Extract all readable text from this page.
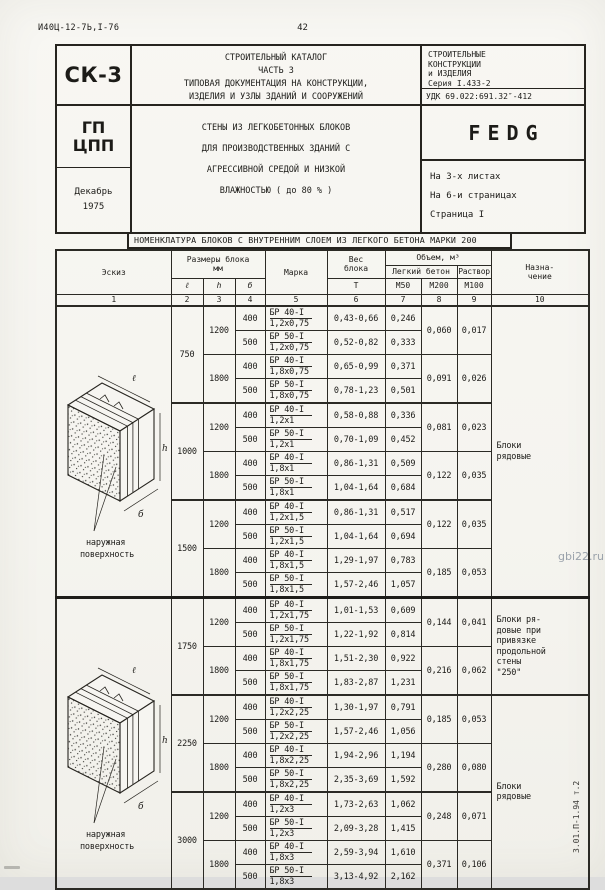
И40Ц-12-7Ь,I-76	42
СК-3
СТРОИТЕЛЬНЫЙ КАТАЛОГ
ЧАСТЬ 3
ТИПОВАЯ ДОКУМЕНТАЦИЯ НА КОНСТРУКЦИИ,
ИЗДЕЛИЯ И УЗЛЫ ЗДАНИЙ И СООРУЖЕНИЙ
СТРОИТЕЛЬНЫЕ
КОНСТРУКЦИИ
и ИЗДЕЛИЯ
Серия I.433-2
УДК 69.022:691.32″-412
ГП
ЦПП
Декабрь
1975
СТЕНЫ ИЗ ЛЕГКОБЕТОННЫХ БЛОКОВ
ДЛЯ ПРОИЗВОДСТВЕННЫХ ЗДАНИЙ С
АГРЕССИВНОЙ СРЕДОЙ И НИЗКОЙ
ВЛАЖНОСТЬЮ ( до 80 % )
FEDG
На 3-х листах
На 6-и страницах
Страница I
НОМЕНКЛАТУРА БЛОКОВ С ВНУТРЕННИМ СЛОЕМ ИЗ ЛЕГКОГО БЕТОНА МАРКИ 200
Эскиз	
Размеры блока
мм	Марка	
Вес
блока
	Объем, м³	
Назна-
чение

						Легкий бетон		Раствор	
	ℓ	h	б		Т	М50	М200	М100	
1	2	3	4	5	6	7	8	9	10

ℓ
h
б
наружная
поверхность	750	1200	400	БР 40-I
1,2х0,75	0,43-0,66	0,246	0,060	0,017	Блоки
рядовые
			500	БР 50-I
1,2х0,75	0,52-0,82	0,333			
		1800	400	БР 40-I
1,8х0,75	0,65-0,99	0,371	0,091	0,026	
			500	БР 50-I
1,8х0,75	0,78-1,23	0,501			
	1000	1200	400	БР 40-I
1,2х1	0,58-0,88	0,336	0,081	0,023	
			500	БР 50-I
1,2х1	0,70-1,09	0,452			
		1800	400	БР 40-I
1,8х1	0,86-1,31	0,509	0,122	0,035	
			500	БР 50-I
1,8х1	1,04-1,64	0,684			
	1500	1200	400	БР 40-I
1,2х1,5	0,86-1,31	0,517	0,122	0,035	
			500	БР 50-I
1,2х1,5	1,04-1,64	0,694			
		1800	400	БР 40-I
1,8х1,5	1,29-1,97	0,783	0,185	0,053	
			500	БР 50-I
1,8х1,5	1,57-2,46	1,057			

ℓ
h
б
наружная
поверхность
	1750	1200	400	БР 40-I
1,2х1,75
	1,01-1,53	0,609	0,144	0,041	Блоки ря-
довые при
привязке
продольной
стены
"250"
			500	БР 50-I
1,2х1,75	1,22-1,92	0,814			
		1800	400	БР 40-I
1,8х1,75	1,51-2,30	0,922	0,216	0,062	
			500	БР 50-I
1,8х1,75	1,83-2,87	1,231			
	2250	1200	400	БР 40-I
1,2х2,25	1,30-1,97	0,791	0,185	0,053	Блоки
рядовые
			500	БР 50-I
1,2х2,25	1,57-2,46	1,056			
		1800	400	БР 40-I
1,8х2,25	1,94-2,96	1,194	0,280	0,080	
			500	БР 50-I
1,8х2,25	2,35-3,69	1,592			
	3000	1200	400	БР 40-I
1,2х3	1,73-2,63	1,062	0,248	0,071	
			500	БР 50-I
1,2х3	2,09-3,28	1,415			
		1800	400	БР 40-I
1,8х3	2,59-3,94	1,610	0,371	0,106	
			500	БР 50-I
1,8х3	3,13-4,92	2,162			
gbi22.ru
3.01.П-1.94 т.2
